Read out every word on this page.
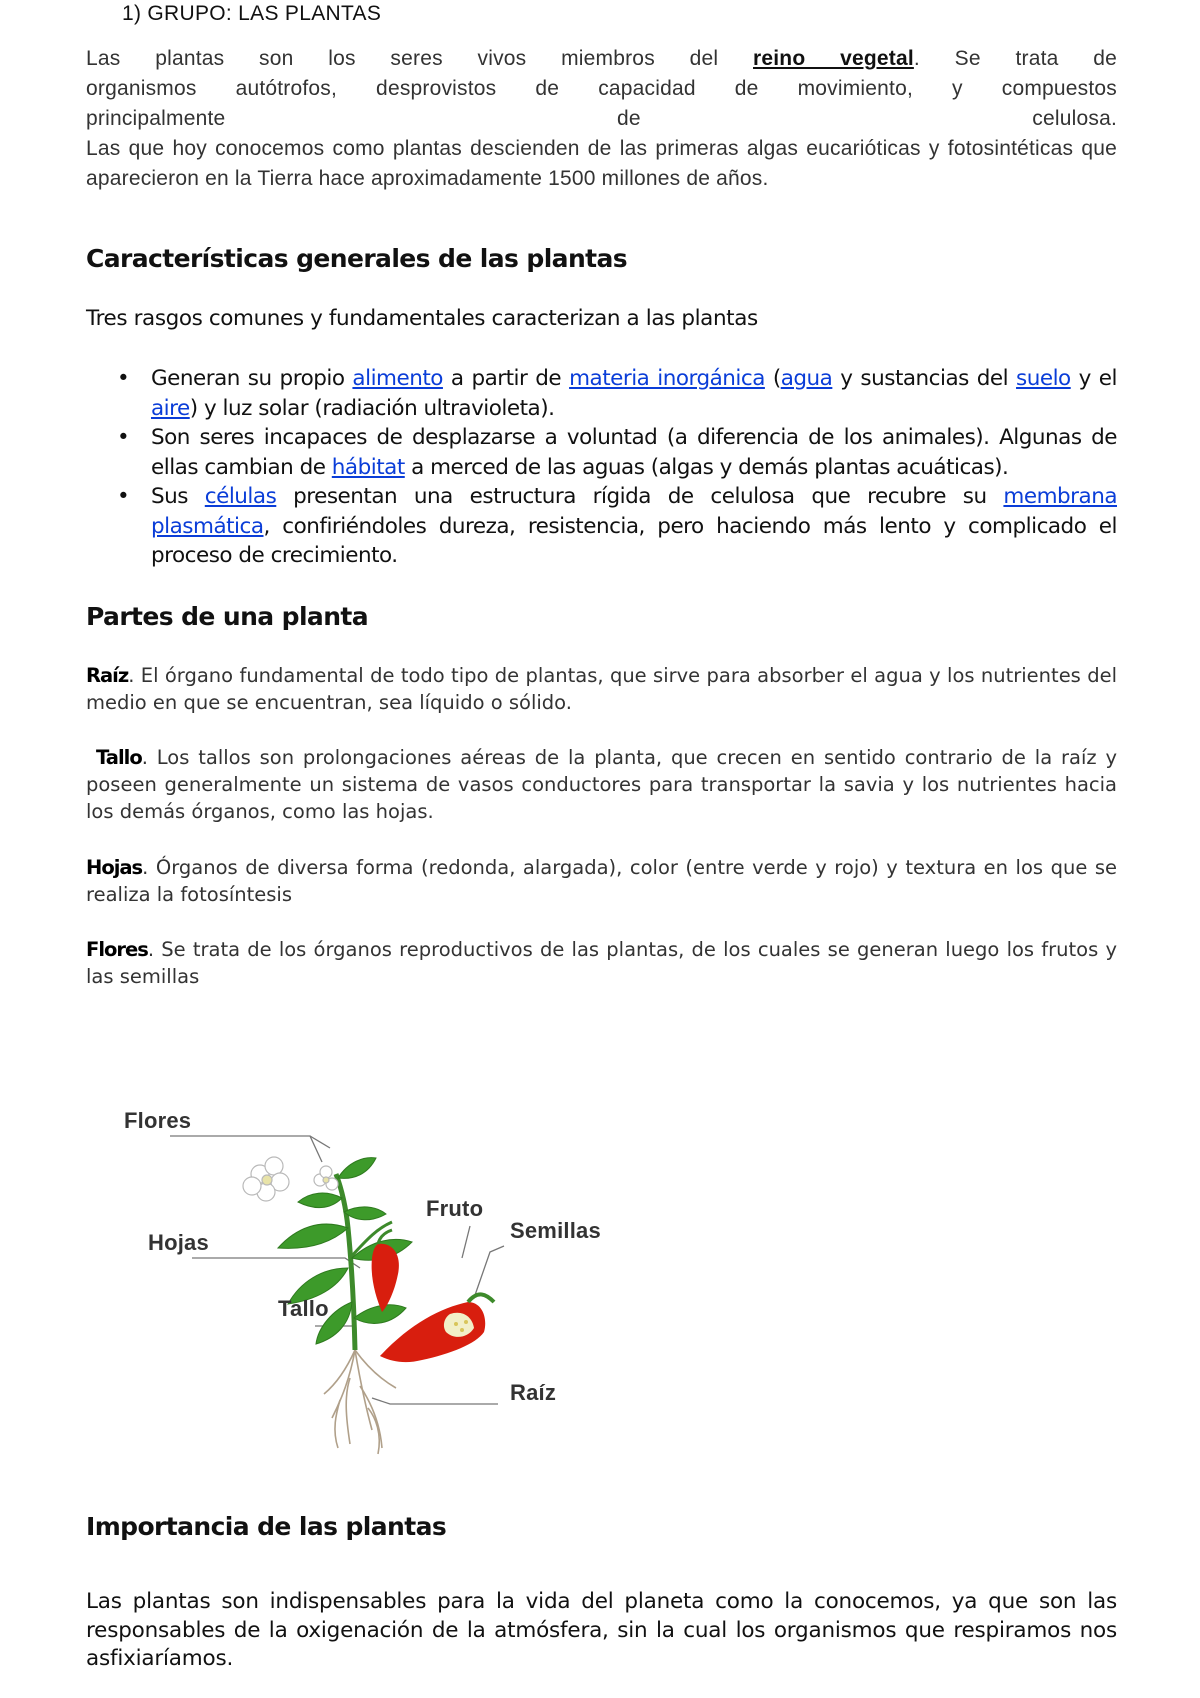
1) GRUPO: LAS PLANTAS

Las plantas son los seres vivos miembros del reino vegetal. Se trata de

organismos autótrofos, desprovistos de capacidad de movimiento, y compuestos

principalmente	de	celulosa.

Las que hoy conocemos como plantas descienden de las primeras algas eucarióticas y fotosintéticas que aparecieron en la Tierra hace aproximadamente 1500 millones de años.

Características generales de las plantas
Tres rasgos comunes y fundamentales caracterizan a las plantas
• Generan su propio alimento a partir de materia inorgánica (agua y sustancias del suelo y el aire) y luz solar (radiación ultravioleta).
• Son seres incapaces de desplazarse a voluntad (a diferencia de los animales). Algunas de ellas cambian de hábitat a merced de las aguas (algas y demás plantas acuáticas).
• Sus células presentan una estructura rígida de celulosa que recubre su membrana plasmática, confiriéndoles dureza, resistencia, pero haciendo más lento y complicado el proceso de crecimiento.
Partes de una planta
Raíz. El órgano fundamental de todo tipo de plantas, que sirve para absorber el agua y los nutrientes del medio en que se encuentran, sea líquido o sólido.
Tallo. Los tallos son prolongaciones aéreas de la planta, que crecen en sentido contrario de la raíz y poseen generalmente un sistema de vasos conductores para transportar la savia y los nutrientes hacia los demás órganos, como las hojas.
Hojas. Órganos de diversa forma (redonda, alargada), color (entre verde y rojo) y textura en los que se realiza la fotosíntesis
Flores. Se trata de los órganos reproductivos de las plantas, de los cuales se generan luego los frutos y las semillas
Flores
Hojas
Tallo
Fruto
Semillas
Raíz
Importancia de las plantas
Las plantas son indispensables para la vida del planeta como la conocemos, ya que son las responsables de la oxigenación de la atmósfera, sin la cual los organismos que respiramos nos asfixiaríamos.
